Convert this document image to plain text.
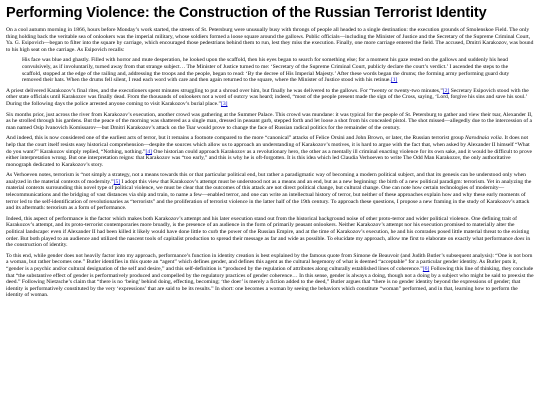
Performing Violence: the Construction of the Russian Terrorist Identity

On a cool autumn morning in 1866, hours before Monday’s work started, the streets of St. Petersburg were unusually busy with throngs of people all headed to a single destination: the execution grounds of Smolenskoe Field. The only thing holding back the veritable sea of onlookers was the imperial military, whose soldiers formed a loose square around the gallows. Public officials—including the Minister of Justice and the Secretary of the Supreme Criminal Court, Ya. G. Esipovich—began to filter into the square by carriage, which encouraged those pedestrians behind them to run, lest they miss the execution. Finally, one more carriage entered the field. The accused, Dmitri Karakozov, was bound to his high seat on the carriage. As Esipovich recalls:

His face was blue and ghastly. Filled with horror and mute desperation, he looked upon the scaffold, then his eyes began to search for something else; for a moment his gaze rested on the gallows and suddenly his head convulsively, as if involuntarily, turned away from that strange subject… The Minister of Justice turned to me: ‘Secretary of the Supreme Criminal Court, publicly declare the court’s verdict.’ I ascended the steps to the scaffold, stopped at the edge of the railing and, addressing the troops and the people, began to read: ‘By the decree of His Imperial Majesty.’ After these words began the drums; the forming army performing guard duty removed their hats. When the drums fell silent, I read each word with care and then again returned to the square, where the Minister of Justice stood with his retinue.[1]

A priest delivered Karakozov’s final rites, and the executioners spent minutes struggling to put a shroud over him, but finally he was delivered to the gallows. For “twenty or twenty-two minutes,”[2] Secretary Esipovich stood with the other state officials until Karakozov was finally dead. From the thousands of onlookers not a word of outcry was heard; indeed, “most of the people present made the sign of the Cross, saying, ‘Lord, forgive his sins and save his soul.’ During the following days the police arrested anyone coming to visit Karakozov’s burial place.”[3]

Six months prior, just across the river from Karakozov’s execution, another crowd was gathering at the Summer Palace. This crowd was mundane: it was typical for the people of St. Petersburg to gather and view their tsar, Alexander II, as he strolled through his gardens. But the peace of the morning was shattered as a single man, dressed in peasant garb, stepped forth and let loose a shot from his concealed pistol. The shot missed—allegedly due to the intercession of a man named Osip Ivanovich Komissarov—but Dmitri Karakozov’s attack on the Tsar would prove to change the face of Russian radical politics for the remainder of the century.

And indeed, this is now considered one of the earliest acts of terror, but it remains a footnote compared to the more “canonical” attacks of Felice Orsini and John Brown, or later, the Russian terrorist group Narodnaia volia. It does not help that the court itself resists easy historical comprehension—despite the sources which allow us to approach an understanding of Karakozov’s motives, it is hard to argue with the fact that, when asked by Alexander II himself “What do you want?” Karakozov simply replied, “Nothing, nothing.”[4] One historian could approach Karakozov as a revolutionary hero, the other as a mentally ill criminal enacting violence for its own sake, and it would be difficult to prove either interpretation wrong. But one interpretation reigns: that Karakozov was “too early,” and this is why he is oft-forgotten. It is this idea which led Claudia Verhoeven to write The Odd Man Karakozov, the only authoritative monograph dedicated to Karakozov’s story.

As Verhoeven notes, terrorism is “not simply a strategy, not a means towards this or that particular political end, but rather a paradigmatic way of becoming a modern political subject, and that its genesis can be understood only when analyzed in the material contexts of modernity.”[5] I adopt this view that Karakozov’s attempt must be understood not as a means and an end, but as a new beginning: the birth of a new political paradigm: terrorism. Yet in analyzing the material contexts surrounding this novel type of political violence, we must be clear that the outcomes of this attack are not direct political change, but cultural change. One can note how certain technologies of modernity—telecommunications and the bridging of vast distances via ship and train, to name a few—enabled terror, and one can write an intellectual history of terror, but neither of these approaches explain how and why these early moments of terror led to the self-identification of revolutionaries as “terrorists” and the proliferation of terrorist violence in the latter half of the 19th century. To approach these questions, I propose a new framing in the study of Karakozov’s attack and its aftermath: terrorism as a form of performance.

Indeed, this aspect of performance is the factor which makes both Karakozov’s attempt and his later execution stand out from the historical background noise of other proto-terror and wider political violence. One defining trait of Karakozov’s attempt, and its proto-terrorist contemporaries more broadly, is the presence of an audience in the form of primarily peasant onlookers. Neither Karakozov’s attempt nor his execution promised to materially alter the political landscape: even if Alexander II had been killed it likely would have done little to curb the power of the Russian Empire, and at the time of Karakozov’s execution, he and his comrades posed little material threat to the existing order. But both played to an audience and utilized the nascent tools of capitalist production to spread their message as far and wide as possible. To elucidate my approach, allow me first to elaborate on exactly what performance does in the construction of identity.

To this end, while gender does not heavily factor into my approach, performance’s function in identity creation is best explained by the famous quote from Simone de Beauvoir (and Judith Butler’s subsequent analysis): “One is not born a woman, but rather becomes one.” Butler identifies in this quote an “agent” which defines gender, and defines this agent as the cultural hegemony of what is deemed “acceptable” for a particular gender identity. As Butler puts it, “gender is a psychic and/or cultural designation of the self and desire,” and this self-definition is “produced by the regulation of attributes along culturally established lines of coherence.”[6] Following this line of thinking, they conclude that “the substantive effect of gender is performatively produced and compelled by the regulatory practices of gender coherence… In this sense, gender is always a doing, though not a doing by a subject who might be said to preexist the deed.” Following Nietzsche’s claim that “there is no ‘being’ behind doing, effecting, becoming; ‘the doer’ is merely a fiction added to the deed,” Butler argues that “there is no gender identity beyond the expressions of gender; that identity is performatively constituted by the very ‘expressions’ that are said to be its results.” In short: one becomes a woman by seeing the behaviors which constitute “woman” performed, and in that, learning how to perform the identity of woman.
